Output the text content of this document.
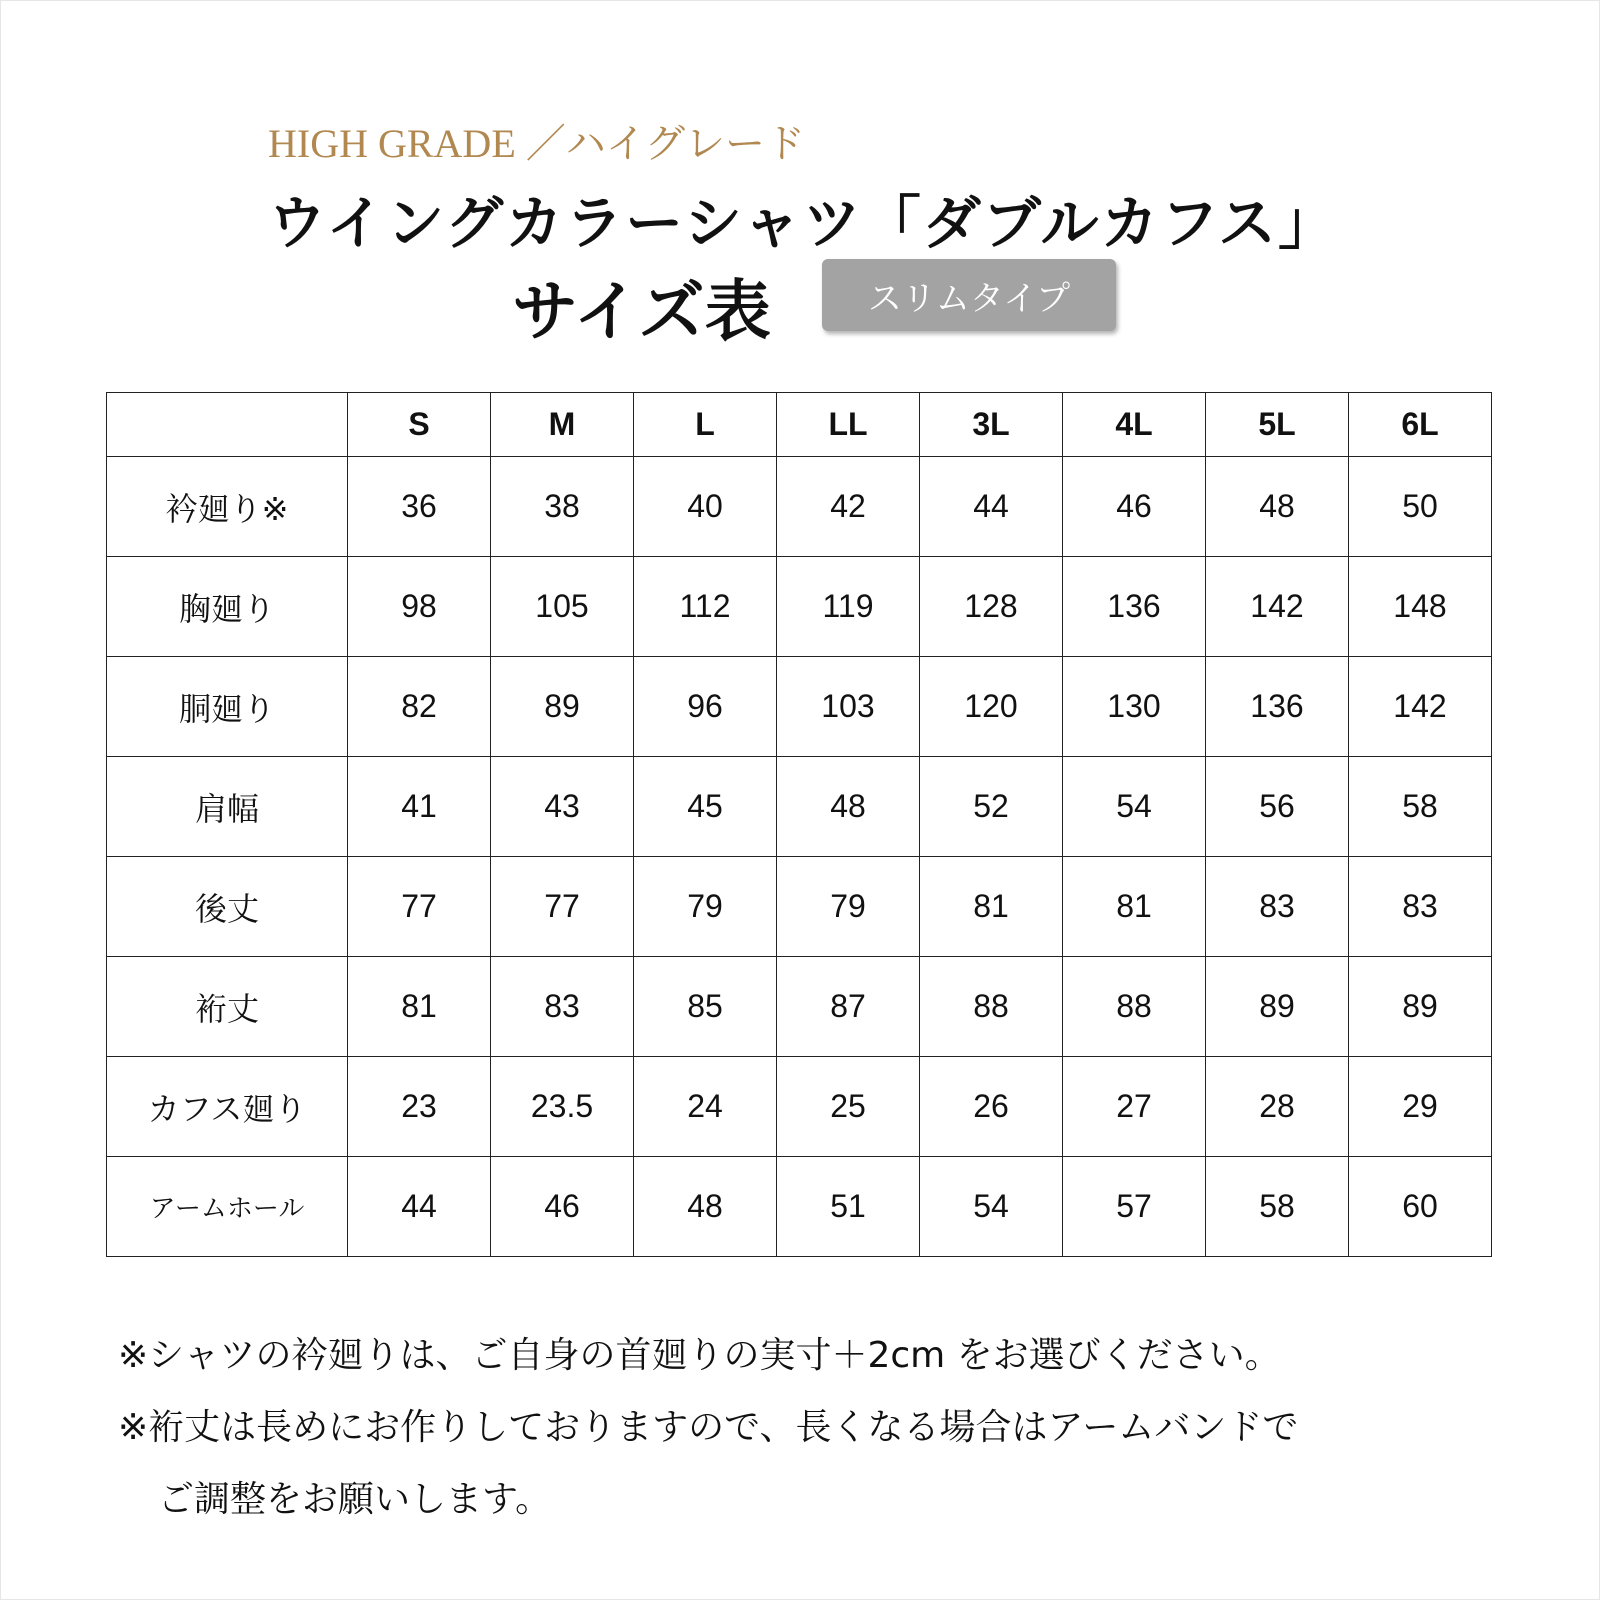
HIGH GRADE ／ハイグレード
ウイングカラーシャツ「ダブルカフス」
サイズ表	スリムタイプ
	S	M	L	LL	3L	4L	5L	6L
衿廻り※	36	38	40	42	44	46	48	50
胸廻り	98	105	112	119	128	136	142	148
胴廻り	82	89	96	103	120	130	136	142
肩幅	41	43	45	48	52	54	56	58
後丈	77	77	79	79	81	81	83	83
裄丈	81	83	85	87	88	88	89	89
カフス廻り	23	23.5	24	25	26	27	28	29
アームホール	44	46	48	51	54	57	58	60
※シャツの衿廻りは、ご自身の首廻りの実寸＋2cm をお選びください。
※裄丈は長めにお作りしておりますので、長くなる場合はアームバンドで
ご調整をお願いします。
